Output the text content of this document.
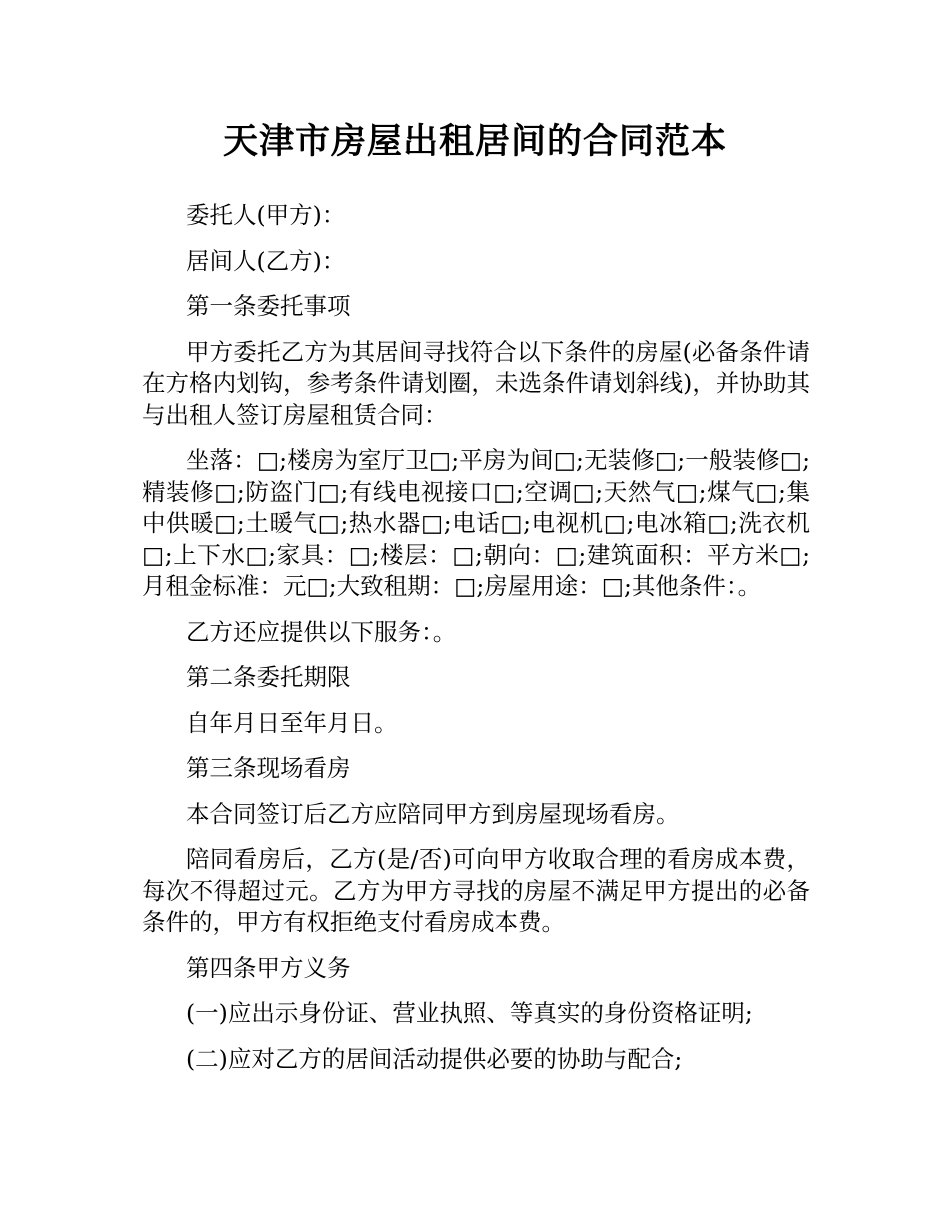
天津市房屋出租居间的合同范本

委托人(甲方)：

居间人(乙方)：

第一条委托事项

甲方委托乙方为其居间寻找符合以下条件的房屋(必备条件请在方格内划钩，参考条件请划圈，未选条件请划斜线)，并协助其与出租人签订房屋租赁合同：

坐落：□;楼房为室厅卫□;平房为间□;无装修□;一般装修□;精装修□;防盗门□;有线电视接口□;空调□;天然气□;煤气□;集中供暖□;土暖气□;热水器□;电话□;电视机□;电冰箱□;洗衣机□;上下水□;家具：□;楼层：□;朝向：□;建筑面积：平方米□;月租金标准：元□;大致租期：□;房屋用途：□;其他条件：。

乙方还应提供以下服务：。

第二条委托期限

自年月日至年月日。

第三条现场看房

本合同签订后乙方应陪同甲方到房屋现场看房。

陪同看房后，乙方(是/否)可向甲方收取合理的看房成本费，每次不得超过元。乙方为甲方寻找的房屋不满足甲方提出的必备条件的，甲方有权拒绝支付看房成本费。

第四条甲方义务

(一)应出示身份证、营业执照、等真实的身份资格证明;

(二)应对乙方的居间活动提供必要的协助与配合;
